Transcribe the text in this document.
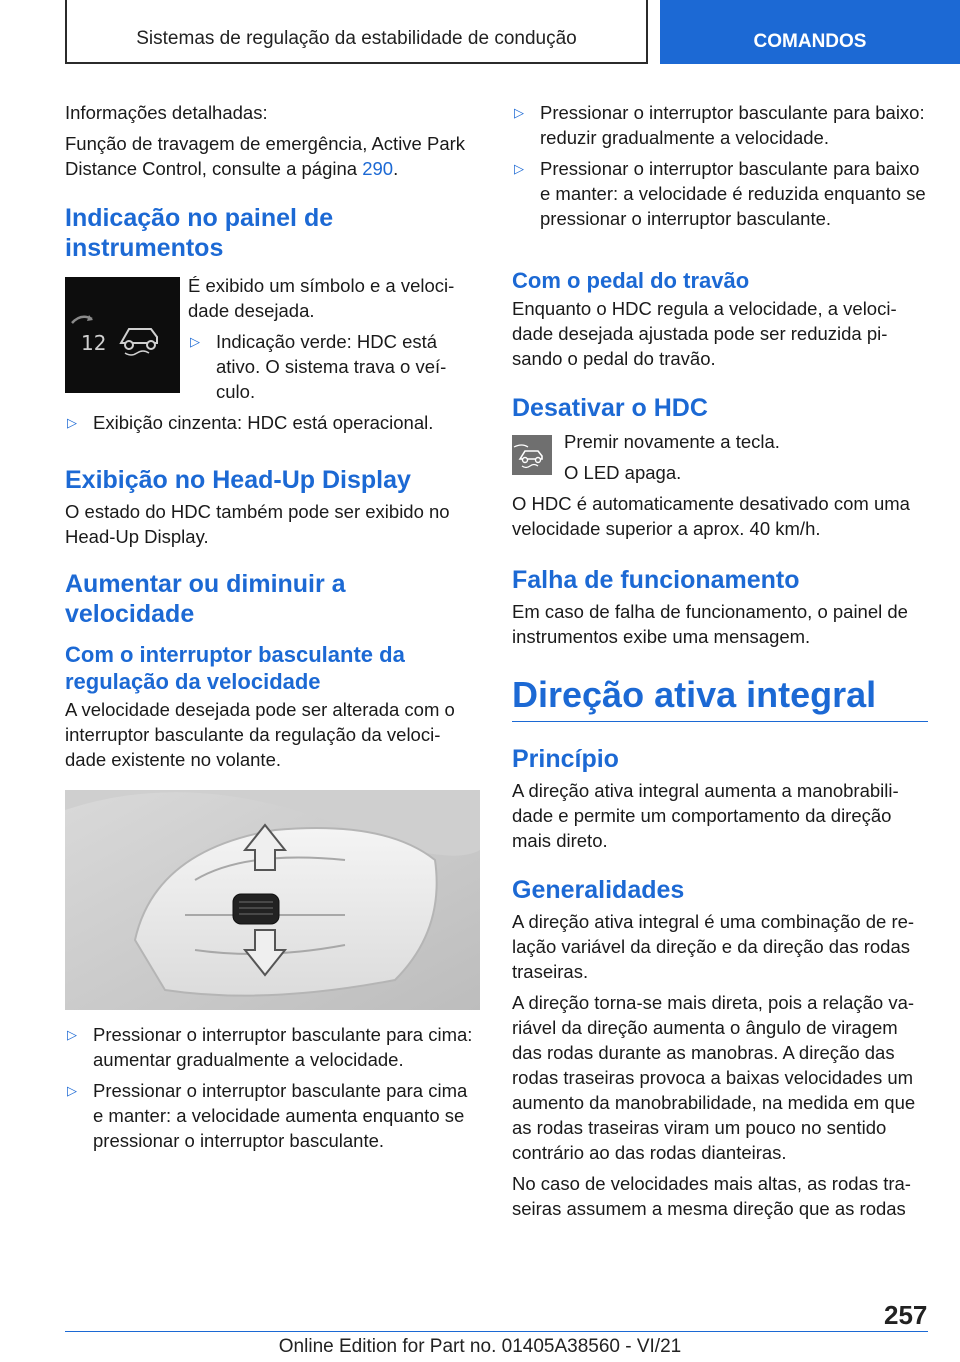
Sistemas de regulação da estabilidade de condução	COMANDOS

Informações detalhadas:

Função de travagem de emergência, Active Park Distance Control, consulte a página 290.

Indicação no painel de instrumentos
12

É exibido um símbolo e a veloci‐dade desejada.

▷ Indicação verde: HDC está ativo. O sistema trava o veí‐culo.
▷ Exibição cinzenta: HDC está operacional.
Exibição no Head-Up Display

O estado do HDC também pode ser exibido no Head-Up Display.

Aumentar ou diminuir a velocidade
Com o interruptor basculante da regulação da velocidade

A velocidade desejada pode ser alterada com o interruptor basculante da regulação da veloci‐dade existente no volante.

▷ Pressionar o interruptor basculante para cima: aumentar gradualmente a velocidade.
▷ Pressionar o interruptor basculante para cima e manter: a velocidade aumenta enquanto se pressionar o interruptor basculante.
▷ Pressionar o interruptor basculante para baixo: reduzir gradualmente a velocidade.
▷ Pressionar o interruptor basculante para baixo e manter: a velocidade é reduzida enquanto se pressionar o interruptor basculante.
Com o pedal do travão

Enquanto o HDC regula a velocidade, a veloci‐dade desejada ajustada pode ser reduzida pi‐sando o pedal do travão.

Desativar o HDC

Premir novamente a tecla.

O LED apaga.

O HDC é automaticamente desativado com uma velocidade superior a aprox. 40 km/h.

Falha de funcionamento

Em caso de falha de funcionamento, o painel de instrumentos exibe uma mensagem.

Direção ativa integral
Princípio

A direção ativa integral aumenta a manobrabili‐dade e permite um comportamento da direção mais direto.

Generalidades

A direção ativa integral é uma combinação de re‐lação variável da direção e da direção das rodas traseiras.

A direção torna-se mais direta, pois a relação va‐riável da direção aumenta o ângulo de viragem das rodas durante as manobras. A direção das rodas traseiras provoca a baixas velocidades um aumento da manobrabilidade, na medida em que as rodas traseiras viram um pouco no sentido contrário ao das rodas dianteiras.

No caso de velocidades mais altas, as rodas tra‐seiras assumem a mesma direção que as rodas

257
Online Edition for Part no. 01405A38560 - VI/21
